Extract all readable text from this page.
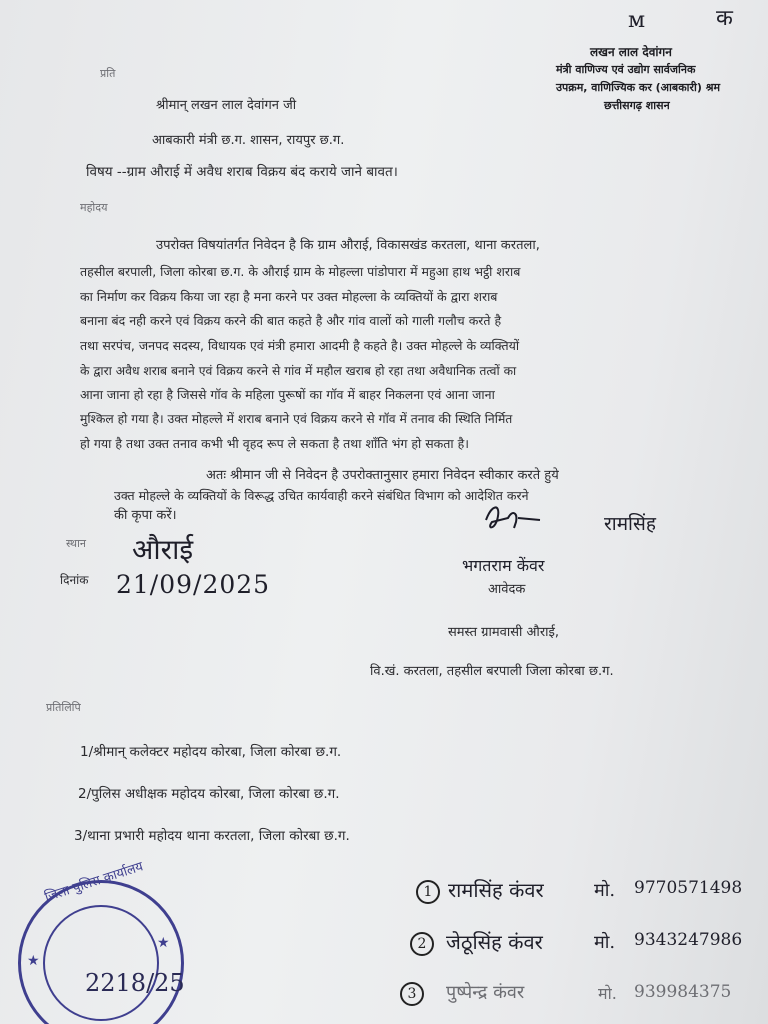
ᴍ	क
लखन लाल देवांगन
मंत्री वाणिज्य एवं उद्योग सार्वजनिक
उपक्रम, वाणिज्यिक कर (आबकारी) श्रम
छत्तीसगढ़ शासन
प्रति
श्रीमान् लखन लाल देवांगन जी
आबकारी मंत्री छ.ग. शासन, रायपुर छ.ग.
विषय --ग्राम औराई में अवैध शराब विक्रय बंद कराये जाने बावत।
महोदय
उपरोक्त विषयांतर्गत निवेदन है कि ग्राम औराई, विकासखंड करतला, थाना करतला,
तहसील बरपाली, जिला कोरबा छ.ग. के औराई ग्राम के मोहल्ला पांडोपारा में महुआ हाथ भट्ठी शराब
का निर्माण कर विक्रय किया जा रहा है मना करने पर उक्त मोहल्ला के व्यक्तियों के द्वारा शराब
बनाना बंद नही करने एवं विक्रय करने की बात कहते है और गांव वालों को गाली गलौच करते है
तथा सरपंच, जनपद सदस्य, विधायक एवं मंत्री हमारा आदमी है कहते है। उक्त मोहल्ले के व्यक्तियों
के द्वारा अवैध शराब बनाने एवं विक्रय करने से गांव में महौल खराब हो रहा तथा अवैधानिक तत्वों का
आना जाना हो रहा है जिससे गॉव के महिला पुरूषों का गॉव में बाहर निकलना एवं आना जाना
मुश्किल हो गया है। उक्त मोहल्ले में शराब बनाने एवं विक्रय करने से गॉव में तनाव की स्थिति निर्मित
हो गया है तथा उक्त तनाव कभी भी वृहद रूप ले सकता है तथा शाँति भंग हो सकता है।
अतः श्रीमान जी से निवेदन है उपरोक्तानुसार हमारा निवेदन स्वीकार करते हुये
उक्त मोहल्ले के व्यक्तियों के विरूद्ध उचित कार्यवाही करने संबंधित विभाग को आदेशित करने
की कृपा करें।	रामसिंह
भगतराम केंवर
आवेदक
स्थान औराई
दिनांक 21/09/2025
समस्त ग्रामवासी औराई,
वि.खं. करतला, तहसील बरपाली जिला कोरबा छ.ग.
प्रतिलिपि
1/श्रीमान् कलेक्टर महोदय कोरबा, जिला कोरबा छ.ग.
2/पुलिस अधीक्षक महोदय कोरबा, जिला कोरबा छ.ग.
3/थाना प्रभारी महोदय थाना करतला, जिला कोरबा छ.ग.
1 रामसिंह कंवर	मो. 9770571498
2 जेठूसिंह कंवर	मो. 9343247986
3	पुष्पेन्द्र कंवर	मो. 939984375
जिला पुलिस कार्यालय
2218/25
★
★
